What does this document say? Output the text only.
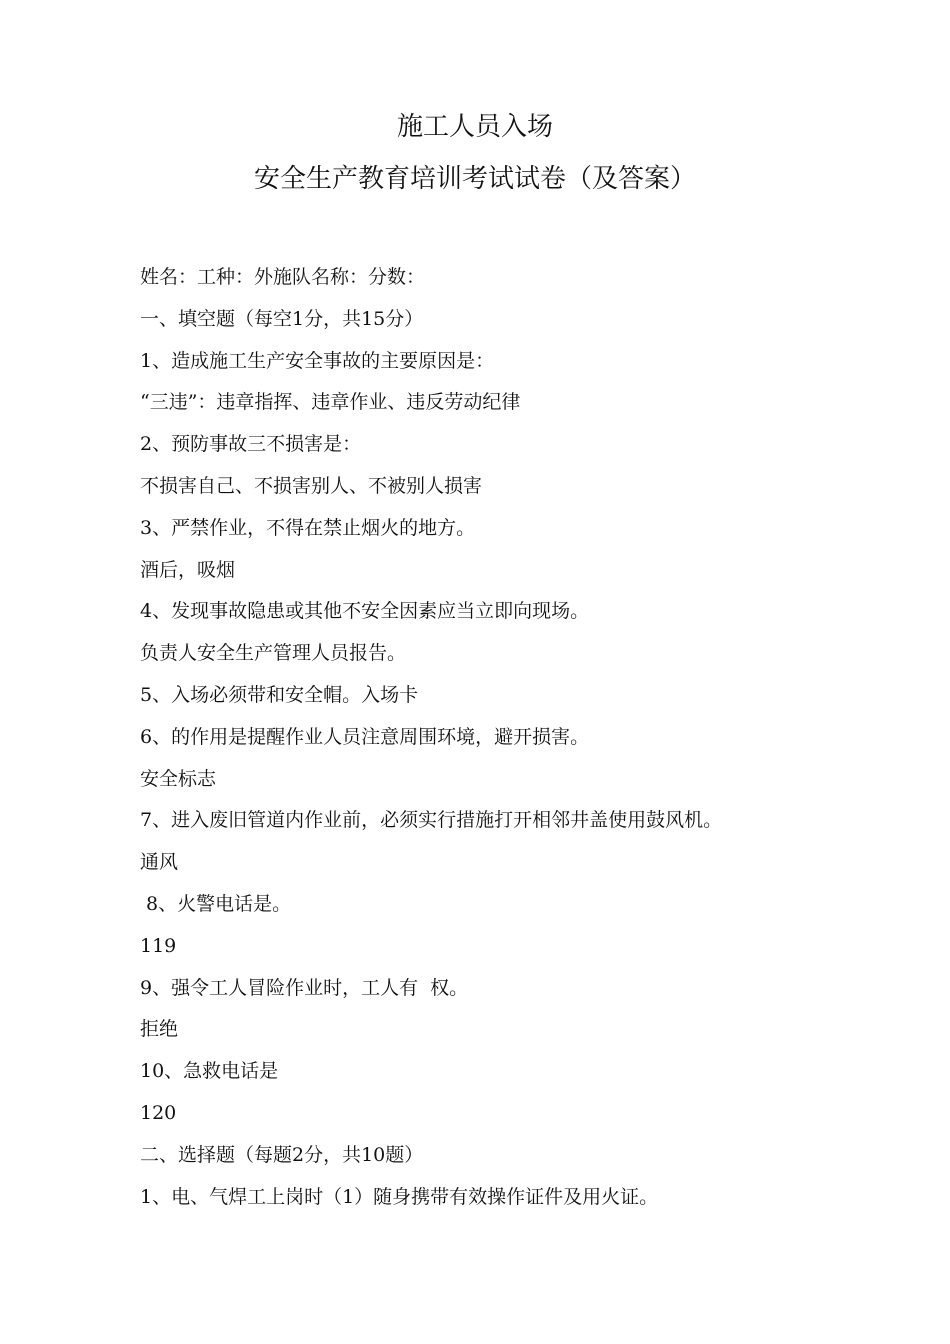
施工人员入场
安全生产教育培训考试试卷（及答案）

姓名：工种：外施队名称：分数：

一、填空题（每空1分，共15分）

1、造成施工生产安全事故的主要原因是：

“三违”：违章指挥、违章作业、违反劳动纪律

2、预防事故三不损害是：

不损害自己、不损害别人、不被别人损害

3、严禁作业，不得在禁止烟火的地方。

酒后，吸烟

4、发现事故隐患或其他不安全因素应当立即向现场。

负责人安全生产管理人员报告。

5、入场必须带和安全帽。入场卡

6、的作用是提醒作业人员注意周围环境，避开损害。

安全标志

7、进入废旧管道内作业前，必须实行措施打开相邻井盖使用鼓风机。

通风

8、火警电话是。

119

9、强令工人冒险作业时，工人有  权。

拒绝

10、急救电话是

120

二、选择题（每题2分，共10题）

1、电、气焊工上岗时（1）随身携带有效操作证件及用火证。
